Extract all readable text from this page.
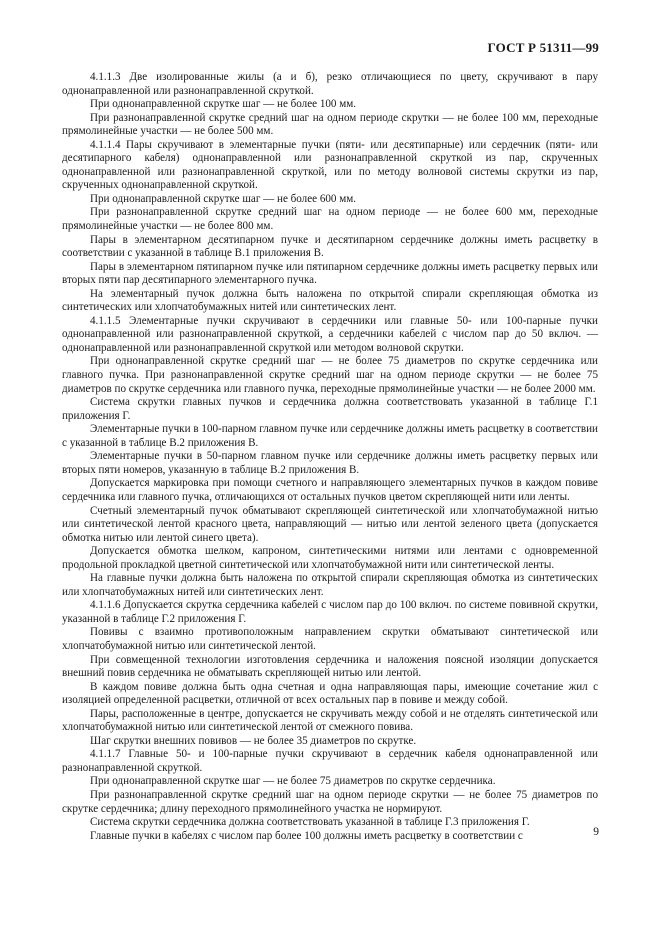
ГОСТ Р 51311—99

4.1.1.3 Две изолированные жилы (а и б), резко отличающиеся по цвету, скручивают в пару однонаправленной или разнонаправленной скруткой.

При однонаправленной скрутке шаг — не более 100 мм.

При разнонаправленной скрутке средний шаг на одном периоде скрутки — не более 100 мм, переходные прямолинейные участки — не более 500 мм.

4.1.1.4 Пары скручивают в элементарные пучки (пяти- или десятипарные) или сердечник (пяти- или десятипарного кабеля) однонаправленной или разнонаправленной скруткой из пар, скрученных однонаправленной или разнонаправленной скруткой, или по методу волновой системы скрутки из пар, скрученных однонаправленной скруткой.

При однонаправленной скрутке шаг — не более 600 мм.

При разнонаправленной скрутке средний шаг на одном периоде — не более 600 мм, переходные прямолинейные участки — не более 800 мм.

Пары в элементарном десятипарном пучке и десятипарном сердечнике должны иметь расцветку в соответствии с указанной в таблице В.1 приложения В.

Пары в элементарном пятипарном пучке или пятипарном сердечнике должны иметь расцветку первых или вторых пяти пар десятипарного элементарного пучка.

На элементарный пучок должна быть наложена по открытой спирали скрепляющая обмотка из синтетических или хлопчатобумажных нитей или синтетических лент.

4.1.1.5 Элементарные пучки скручивают в сердечники или главные 50- или 100-парные пучки однонаправленной или разнонаправленной скруткой, а сердечники кабелей с числом пар до 50 включ. — однонаправленной или разнонаправленной скруткой или методом волновой скрутки.

При однонаправленной скрутке средний шаг — не более 75 диаметров по скрутке сердечника или главного пучка. При разнонаправленной скрутке средний шаг на одном периоде скрутки — не более 75 диаметров по скрутке сердечника или главного пучка, переходные прямолинейные участки — не более 2000 мм.

Система скрутки главных пучков и сердечника должна соответствовать указанной в таблице Г.1 приложения Г.

Элементарные пучки в 100-парном главном пучке или сердечнике должны иметь расцветку в соответствии с указанной в таблице В.2 приложения В.

Элементарные пучки в 50-парном главном пучке или сердечнике должны иметь расцветку первых или вторых пяти номеров, указанную в таблице В.2 приложения В.

Допускается маркировка при помощи счетного и направляющего элементарных пучков в каждом повиве сердечника или главного пучка, отличающихся от остальных пучков цветом скрепляющей нити или ленты.

Счетный элементарный пучок обматывают скрепляющей синтетической или хлопчатобумажной нитью или синтетической лентой красного цвета, направляющий — нитью или лентой зеленого цвета (допускается обмотка нитью или лентой синего цвета).

Допускается обмотка шелком, капроном, синтетическими нитями или лентами с одновременной продольной прокладкой цветной синтетической или хлопчатобумажной нити или синтетической ленты.

На главные пучки должна быть наложена по открытой спирали скрепляющая обмотка из синтетических или хлопчатобумажных нитей или синтетических лент.

4.1.1.6 Допускается скрутка сердечника кабелей с числом пар до 100 включ. по системе повивной скрутки, указанной в таблице Г.2 приложения Г.

Повивы с взаимно противоположным направлением скрутки обматывают синтетической или хлопчатобумажной нитью или синтетической лентой.

При совмещенной технологии изготовления сердечника и наложения поясной изоляции допускается внешний повив сердечника не обматывать скрепляющей нитью или лентой.

В каждом повиве должна быть одна счетная и одна направляющая пары, имеющие сочетание жил с изоляцией определенной расцветки, отличной от всех остальных пар в повиве и между собой.

Пары, расположенные в центре, допускается не скручивать между собой и не отделять синтетической или хлопчатобумажной нитью или синтетической лентой от смежного повива.

Шаг скрутки внешних повивов — не более 35 диаметров по скрутке.

4.1.1.7 Главные 50- и 100-парные пучки скручивают в сердечник кабеля однонаправленной или разнонаправленной скруткой.

При однонаправленной скрутке шаг — не более 75 диаметров по скрутке сердечника.

При разнонаправленной скрутке средний шаг на одном периоде скрутки — не более 75 диаметров по скрутке сердечника; длину переходного прямолинейного участка не нормируют.

Система скрутки сердечника должна соответствовать указанной в таблице Г.3 приложения Г.

Главные пучки в кабелях с числом пар более 100 должны иметь расцветку в соответствии с	9
